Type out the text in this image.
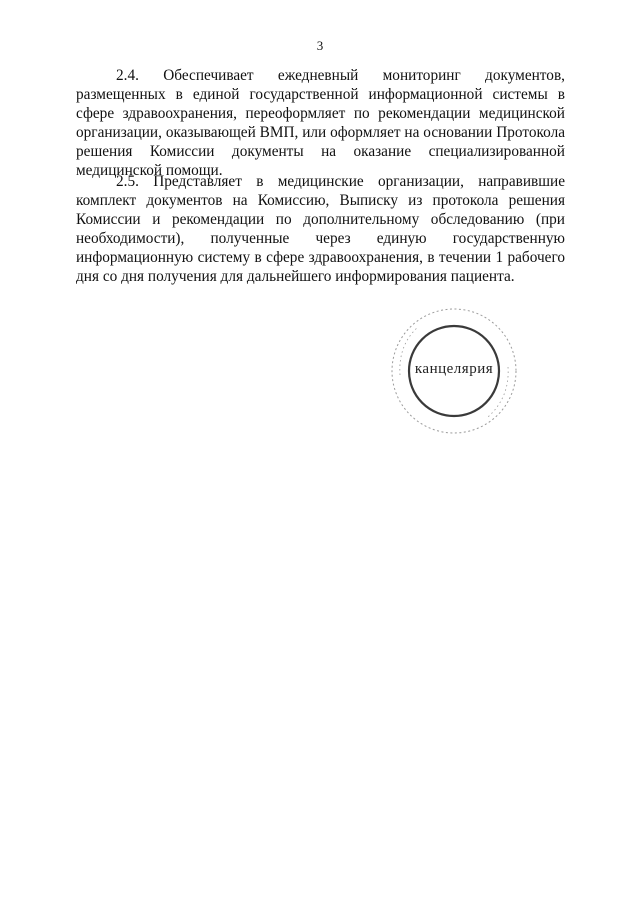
3

2.4. Обеспечивает ежедневный мониторинг документов, размещенных в единой государственной информационной системы в сфере здравоохранения, переоформляет по рекомендации медицинской организации, оказывающей ВМП, или оформляет на основании Протокола решения Комиссии документы на оказание специализированной медицинской помощи.

2.5. Представляет в медицинские организации, направившие комплект документов на Комиссию, Выписку из протокола решения Комиссии и рекомендации по дополнительному обследованию (при необходимости), полученные через единую государственную информационную систему в сфере здравоохранения, в течении 1 рабочего дня со дня получения для дальнейшего информирования пациента.

канцелярия
